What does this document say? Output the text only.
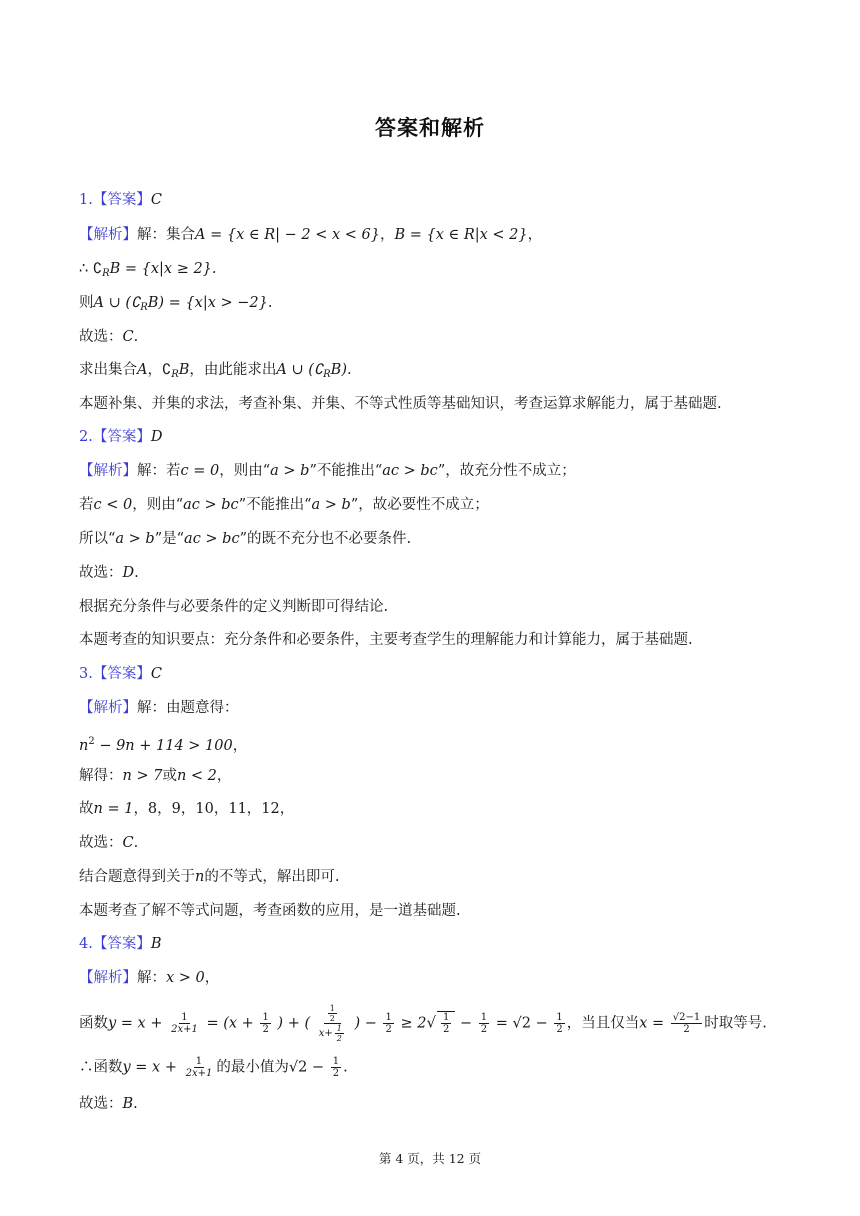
答案和解析
1.【答案】C
【解析】解：集合A = {x ∈ R| − 2 < x < 6}，B = {x ∈ R|x < 2}，
∴ $∁_RB = \{x|x \ge 2\}$.
则A ∪ $(∁_RB) = \{x|x > -2\}$.
故选：C.
求出集合A，$∁_RB$，由此能求出A ∪ $(∁_RB)$.
本题补集、并集的求法，考查补集、并集、不等式性质等基础知识，考查运算求解能力，属于基础题.
2.【答案】D
【解析】解：若c = 0，则由“a > b”不能推出“ac > bc”，故充分性不成立；
若c < 0，则由“ac > bc”不能推出“a > b”，故必要性不成立；
所以“a > b”是“ac > bc”的既不充分也不必要条件.
故选：D.
根据充分条件与必要条件的定义判断即可得结论.
本题考查的知识要点：充分条件和必要条件，主要考查学生的理解能力和计算能力，属于基础题.
3.【答案】C
【解析】解：由题意得：
$n^2 - 9n + 114 > 100$，
解得：n > 7或n < 2，
故n = 1，8，9，10，11，12，
故选：C.
结合题意得到关于n的不等式，解出即可.
本题考查了解不等式问题，考查函数的应用，是一道基础题.
4.【答案】B
【解析】解：x > 0，
函数$y = x + \frac{1}{2x+1} = (x + \frac{1}{2}$ ) + ( $\frac{\frac{1}{2}}{x+ \frac{1}{2}}$ ) − $\frac{1}{2} \ge 2√ \frac{1}{2} - \frac{1}{2} = √2 - \frac{1}{2}$ ，当且仅当$x = \frac{√2-1}{2}$ 时取等号.
∴函数$y = x + \frac{1}{2x+1}$ 的最小值为$√2 - \frac{1}{2}$ .
故选：B.
第 4 页，共 12 页
